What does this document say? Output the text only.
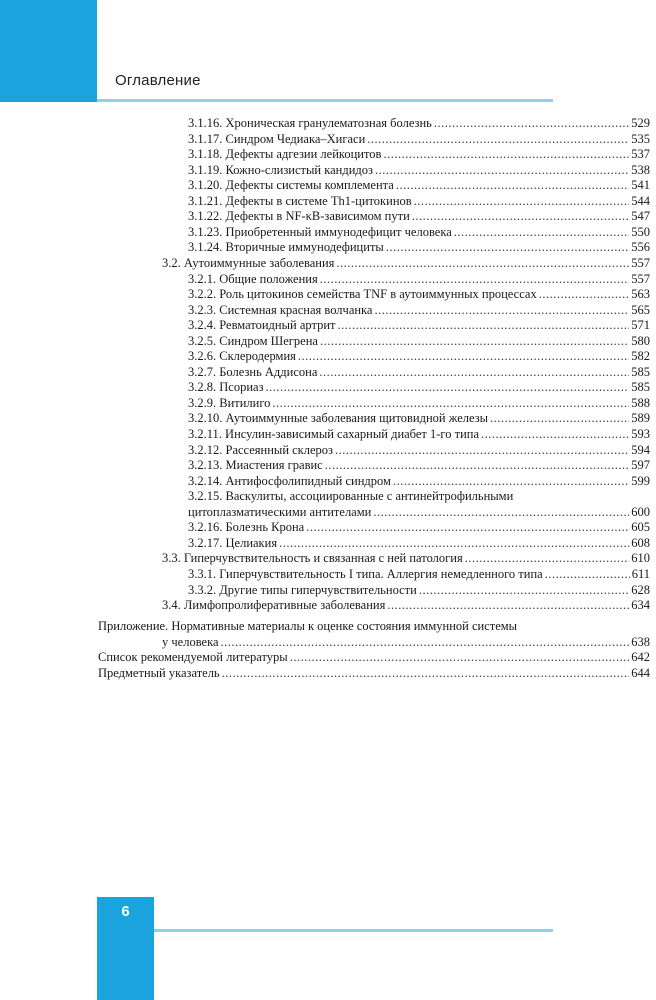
Оглавление
3.1.16. Хроническая гранулематозная болезнь .....	529
3.1.17. Синдром Чедиака–Хигаси .....	535
3.1.18. Дефекты адгезии лейкоцитов .....	537
3.1.19. Кожно-слизистый кандидоз .....	538
3.1.20. Дефекты системы комплемента .....	541
3.1.21. Дефекты в системе Th1-цитокинов .....	544
3.1.22. Дефекты в NF-κB-зависимом пути .....	547
3.1.23. Приобретенный иммунодефицит человека .....	550
3.1.24. Вторичные иммунодефициты .....	556
3.2. Аутоиммунные заболевания .....	557
3.2.1. Общие положения .....	557
3.2.2. Роль цитокинов семейства TNF в аутоиммунных процессах .....	563
3.2.3. Системная красная волчанка .....	565
3.2.4. Ревматоидный артрит .....	571
3.2.5. Синдром Шегрена .....	580
3.2.6. Склеродермия .....	582
3.2.7. Болезнь Аддисона .....	585
3.2.8. Псориаз .....	585
3.2.9. Витилиго .....	588
3.2.10. Аутоиммунные заболевания щитовидной железы .....	589
3.2.11. Инсулин-зависимый сахарный диабет 1-го типа .....	593
3.2.12. Рассеянный склероз .....	594
3.2.13. Миастения гравис .....	597
3.2.14. Антифосфолипидный синдром .....	599
3.2.15. Васкулиты, ассоциированные с антинейтрофильными
цитоплазматическими антителами .....	600
3.2.16. Болезнь Крона .....	605
3.2.17. Целиакия .....	608
3.3. Гиперчувствительность и связанная с ней патология .....	610
3.3.1. Гиперчувствительность I типа. Аллергия немедленного типа .....	611
3.3.2. Другие типы гиперчувствительности .....	628
3.4. Лимфопролиферативные заболевания .....	634
Приложение. Нормативные материалы к оценке состояния иммунной системы
у человека .....	638
Список рекомендуемой литературы .....	642
Предметный указатель .....	644
6
